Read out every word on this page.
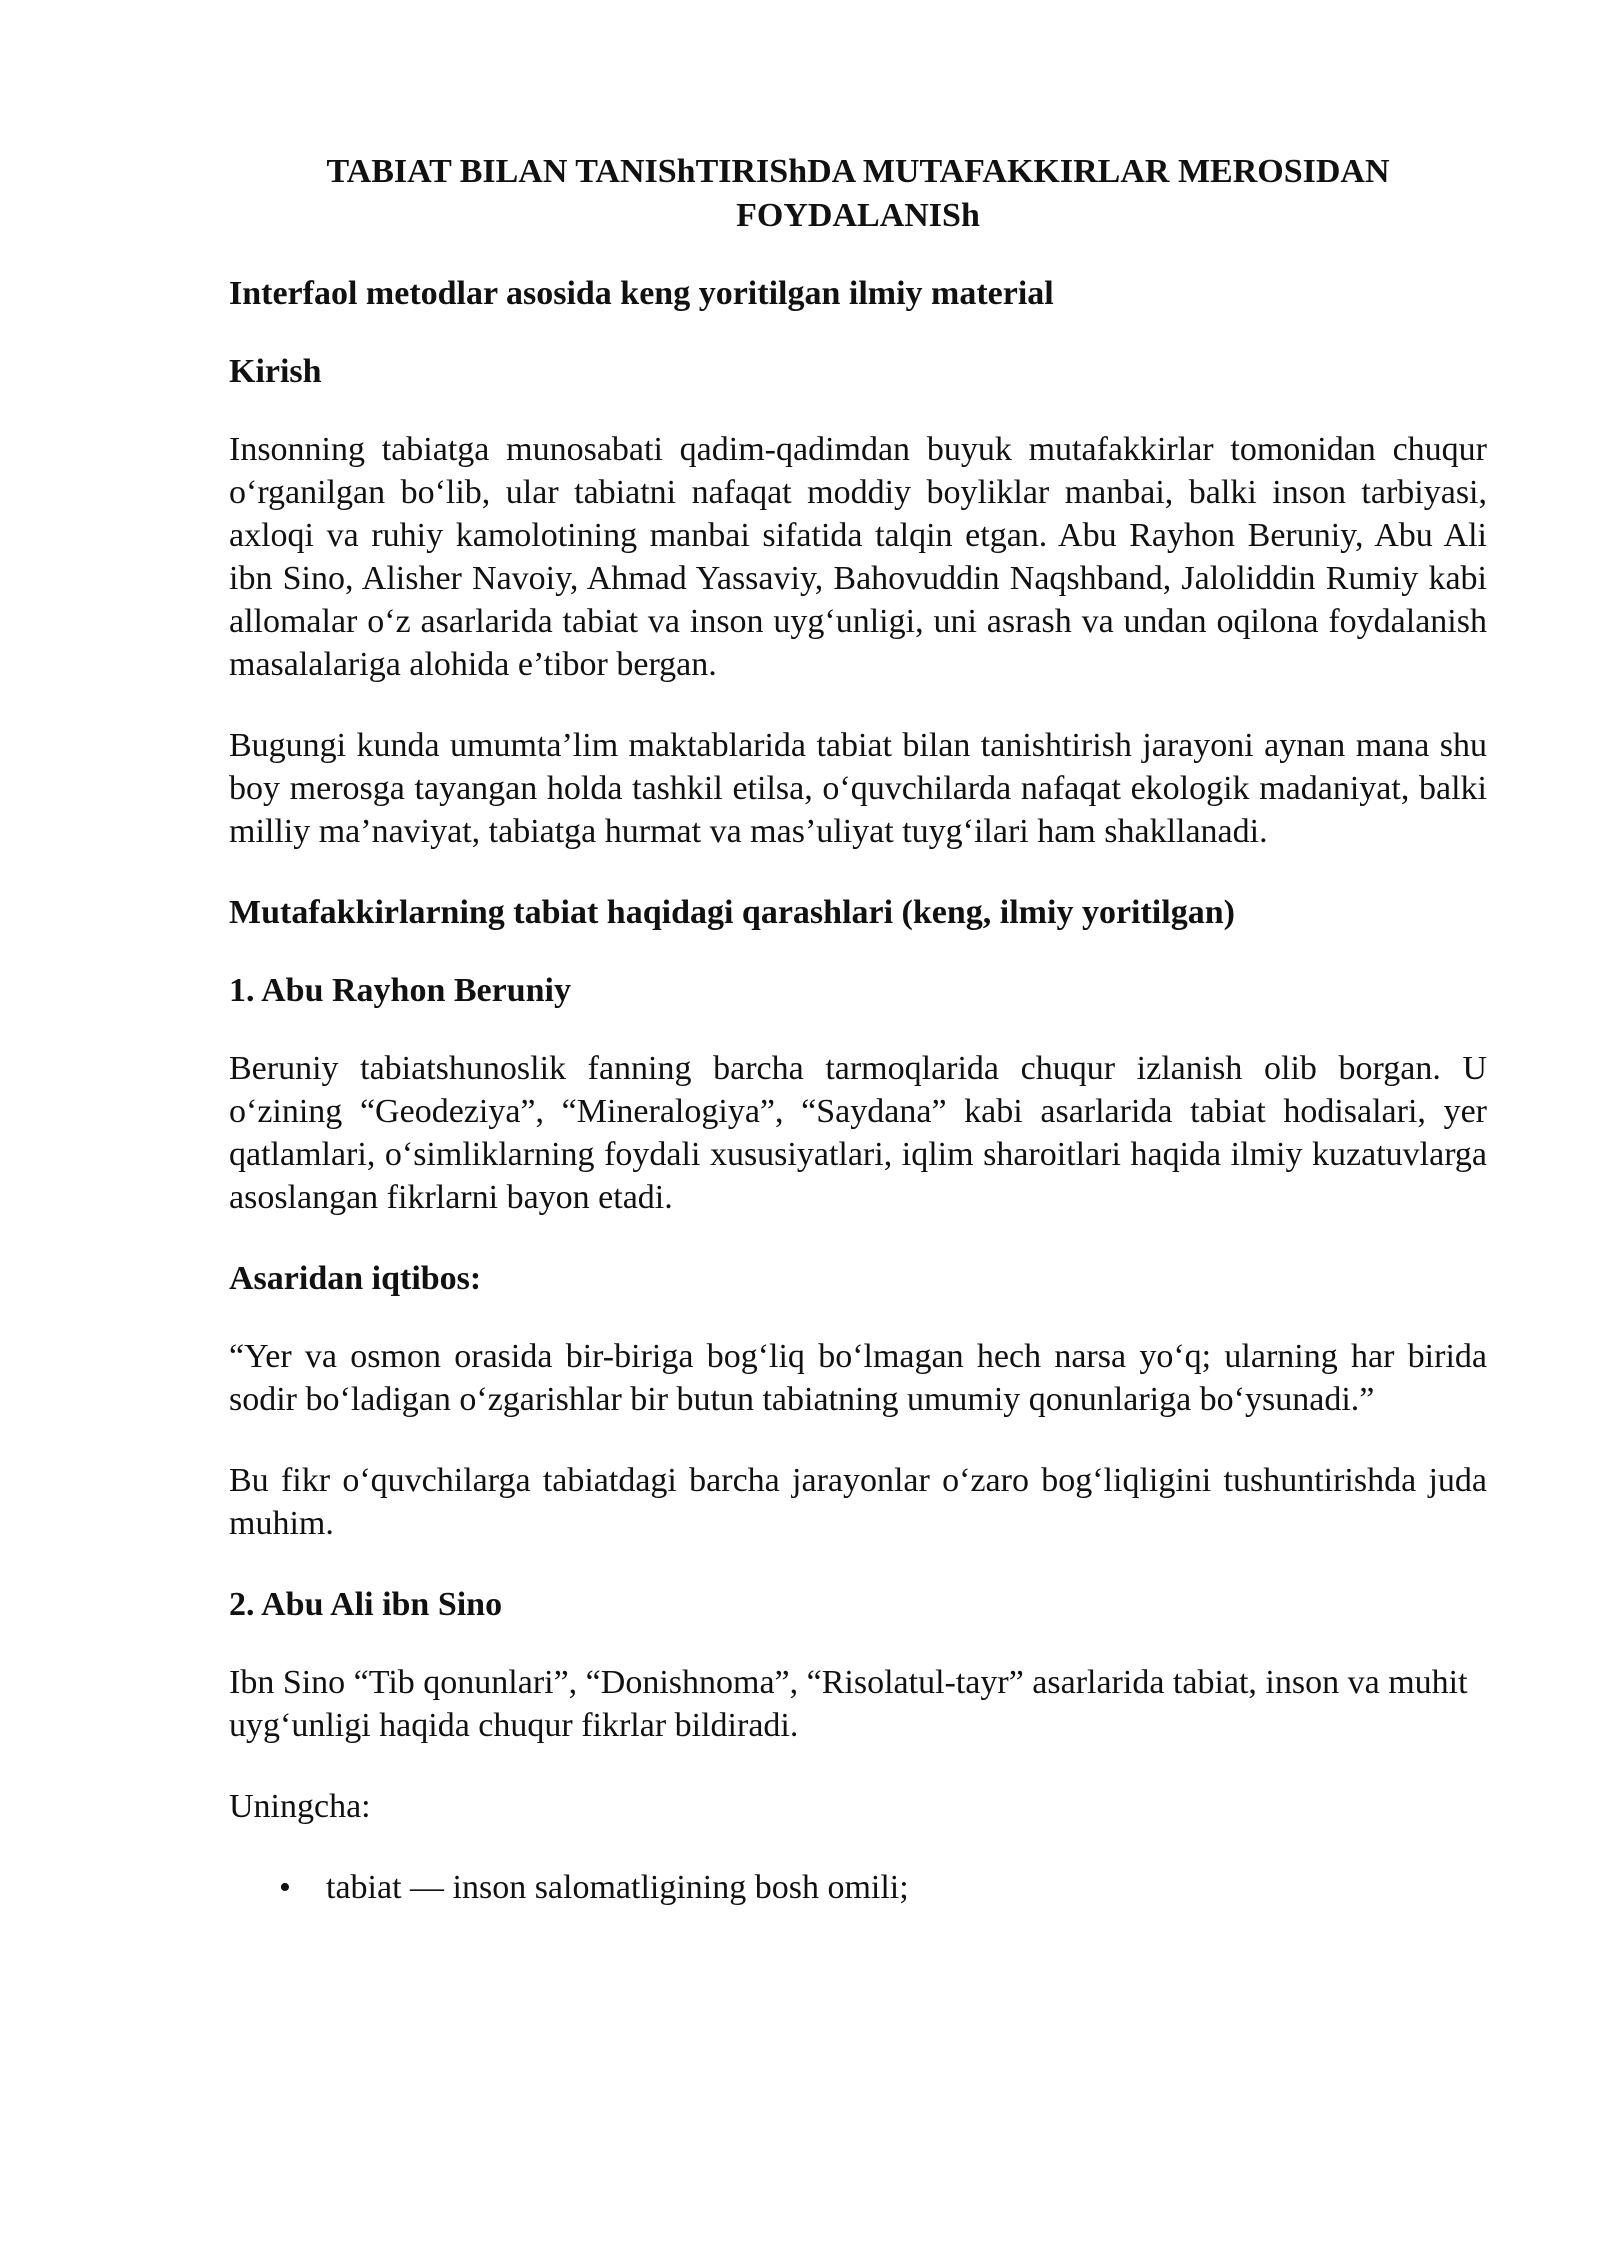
TABIAT BILAN TANIShTIRIShDA MUTAFAKKIRLAR MEROSIDAN
FOYDALANISh
Interfaol metodlar asosida keng yoritilgan ilmiy material
Kirish

Insonning tabiatga munosabati qadim-qadimdan buyuk mutafakkirlar tomonidan chuqur o‘rganilgan bo‘lib, ular tabiatni nafaqat moddiy boyliklar manbai, balki inson tarbiyasi, axloqi va ruhiy kamolotining manbai sifatida talqin etgan. Abu Rayhon Beruniy, Abu Ali ibn Sino, Alisher Navoiy, Ahmad Yassaviy, Bahovuddin Naqshband, Jaloliddin Rumiy kabi allomalar o‘z asarlarida tabiat va inson uyg‘unligi, uni asrash va undan oqilona foydalanish masalalariga alohida e’tibor bergan.

Bugungi kunda umumta’lim maktablarida tabiat bilan tanishtirish jarayoni aynan mana shu boy merosga tayangan holda tashkil etilsa, o‘quvchilarda nafaqat ekologik madaniyat, balki milliy ma’naviyat, tabiatga hurmat va mas’uliyat tuyg‘ilari ham shakllanadi.

Mutafakkirlarning tabiat haqidagi qarashlari (keng, ilmiy yoritilgan)
1. Abu Rayhon Beruniy

Beruniy tabiatshunoslik fanning barcha tarmoqlarida chuqur izlanish olib borgan. U o‘zining “Geodeziya”, “Mineralogiya”, “Saydana” kabi asarlarida tabiat hodisalari, yer qatlamlari, o‘simliklarning foydali xususiyatlari, iqlim sharoitlari haqida ilmiy kuzatuvlarga asoslangan fikrlarni bayon etadi.

Asaridan iqtibos:

“Yer va osmon orasida bir-biriga bog‘liq bo‘lmagan hech narsa yo‘q; ularning har birida sodir bo‘ladigan o‘zgarishlar bir butun tabiatning umumiy qonunlariga bo‘ysunadi.”

Bu fikr o‘quvchilarga tabiatdagi barcha jarayonlar o‘zaro bog‘liqligini tushuntirishda juda muhim.

2. Abu Ali ibn Sino

Ibn Sino “Tib qonunlari”, “Donishnoma”, “Risolatul-tayr” asarlarida tabiat, inson va muhit uyg‘unligi haqida chuqur fikrlar bildiradi.

Uningcha:

• tabiat — inson salomatligining bosh omili;
